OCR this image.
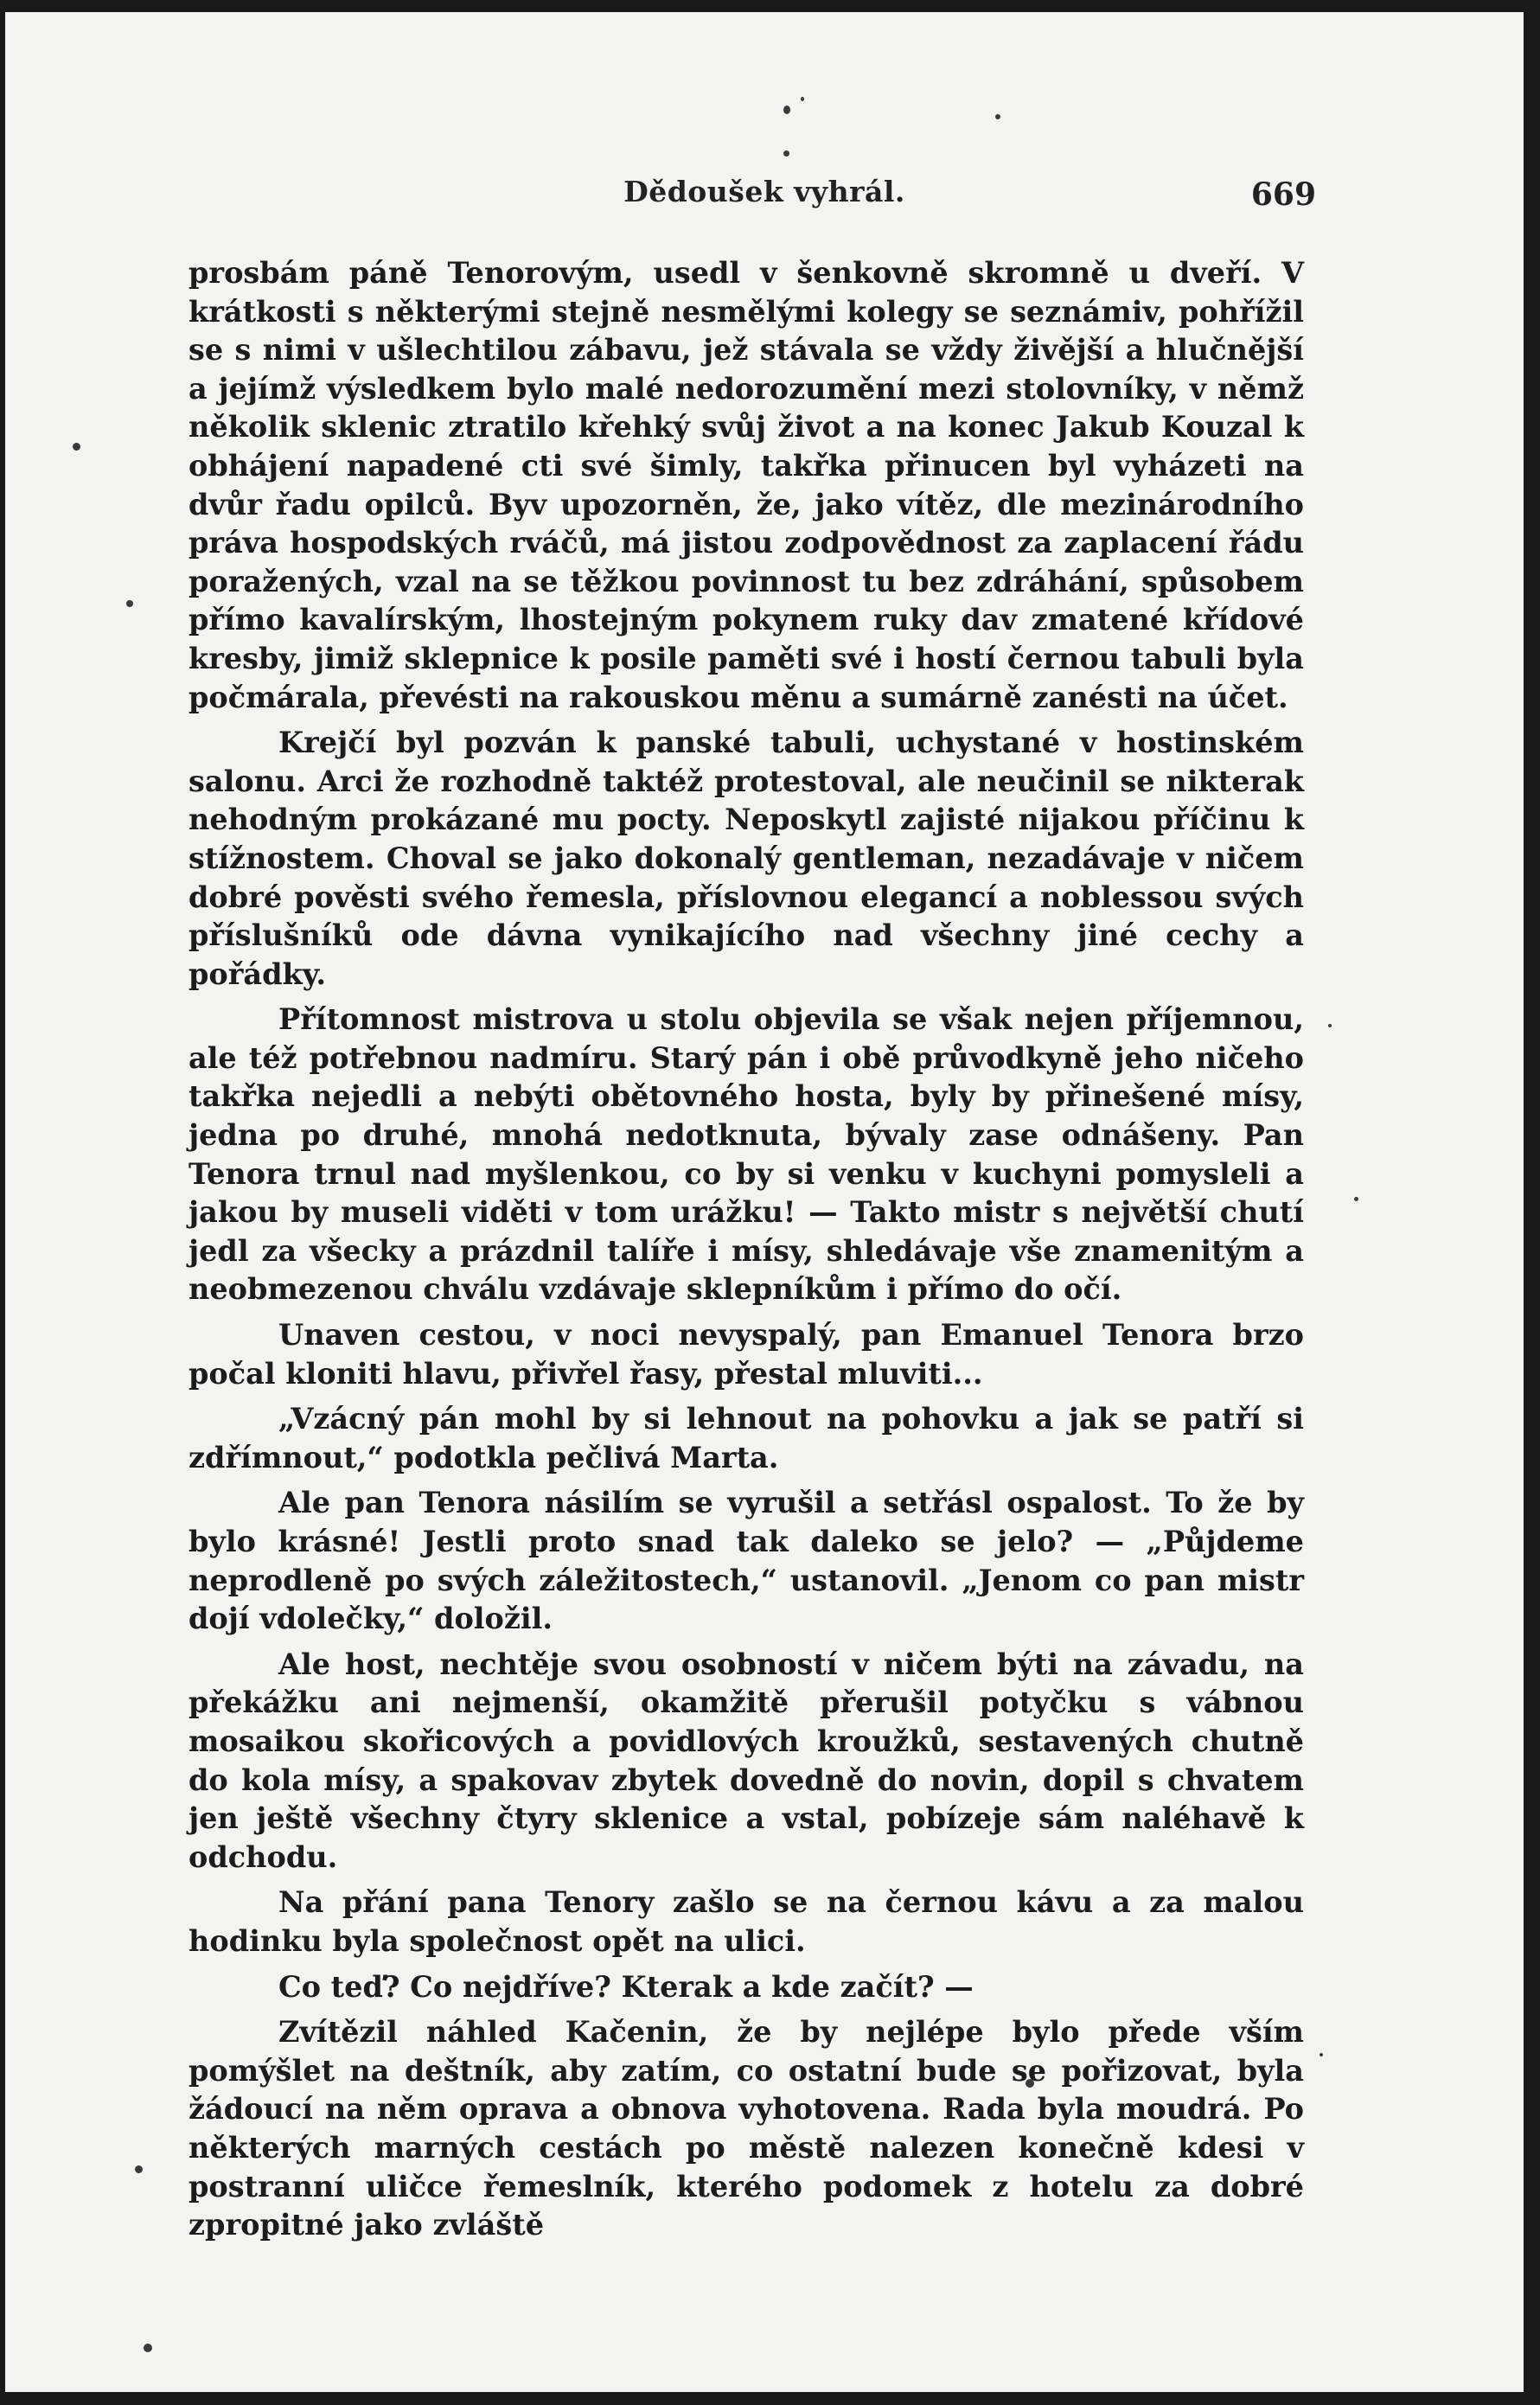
Dědoušek vyhrál.	669

prosbám páně Tenorovým, usedl v šenkovně skromně u dveří. V krátkosti s některými stejně nesmělými kolegy se seznámiv, pohřížil se s nimi v ušlechtilou zábavu, jež stávala se vždy živější a hlučnější a jejímž výsledkem bylo malé nedorozumění mezi stolovníky, v němž několik sklenic ztratilo křehký svůj život a na konec Jakub Kouzal k obhájení napadené cti své šimly, takřka přinucen byl vyházeti na dvůr řadu opilců. Byv upozorněn, že, jako vítěz, dle mezinárodního práva hospodských rváčů, má jistou zodpovědnost za zaplacení řádu poražených, vzal na se těžkou povinnost tu bez zdráhání, spůsobem přímo kavalírským, lhostejným pokynem ruky dav zmatené křídové kresby, jimiž sklepnice k posile paměti své i hostí černou tabuli byla počmárala, převésti na rakouskou měnu a sumárně zanésti na účet.

Krejčí byl pozván k panské tabuli, uchystané v hostinském salonu. Arci že rozhodně taktéž protestoval, ale neučinil se nikterak nehodným prokázané mu pocty. Neposkytl zajisté nijakou příčinu k stížnostem. Choval se jako dokonalý gentleman, nezadávaje v ničem dobré pověsti svého řemesla, příslovnou elegancí a noblessou svých příslušníků ode dávna vynikajícího nad všechny jiné cechy a pořádky.

Přítomnost mistrova u stolu objevila se však nejen příjemnou, ale též potřebnou nadmíru. Starý pán i obě průvodkyně jeho ničeho takřka nejedli a nebýti obětovného hosta, byly by přinešené mísy, jedna po druhé, mnohá nedotknuta, bývaly zase odnášeny. Pan Tenora trnul nad myšlenkou, co by si venku v kuchyni pomysleli a jakou by museli viděti v tom urážku! — Takto mistr s největší chutí jedl za všecky a prázdnil talíře i mísy, shledávaje vše znamenitým a neobmezenou chválu vzdávaje sklepníkům i přímo do očí.

Unaven cestou, v noci nevyspalý, pan Emanuel Tenora brzo počal kloniti hlavu, přivřel řasy, přestal mluviti...

„Vzácný pán mohl by si lehnout na pohovku a jak se patří si zdřímnout,“ podotkla pečlivá Marta.

Ale pan Tenora násilím se vyrušil a setřásl ospalost. To že by bylo krásné! Jestli proto snad tak daleko se jelo? — „Půjdeme neprodleně po svých záležitostech,“ ustanovil. „Jenom co pan mistr dojí vdolečky,“ doložil.

Ale host, nechtěje svou osobností v ničem býti na závadu, na překážku ani nejmenší, okamžitě přerušil potyčku s vábnou mosaikou skořicových a povidlových kroužků, sestavených chutně do kola mísy, a spakovav zbytek dovedně do novin, dopil s chvatem jen ještě všechny čtyry sklenice a vstal, pobízeje sám naléhavě k odchodu.

Na přání pana Tenory zašlo se na černou kávu a za malou hodinku byla společnost opět na ulici.

Co teď? Co nejdříve? Kterak a kde začít? —

Zvítězil náhled Kačenin, že by nejlépe bylo přede vším pomýšlet na deštník, aby zatím, co ostatní bude se pořizovat, byla žádoucí na něm oprava a obnova vyhotovena. Rada byla moudrá. Po některých marných cestách po městě nalezen konečně kdesi v postranní uličce řemeslník, kterého podomek z hotelu za dobré zpropitné jako zvláště
